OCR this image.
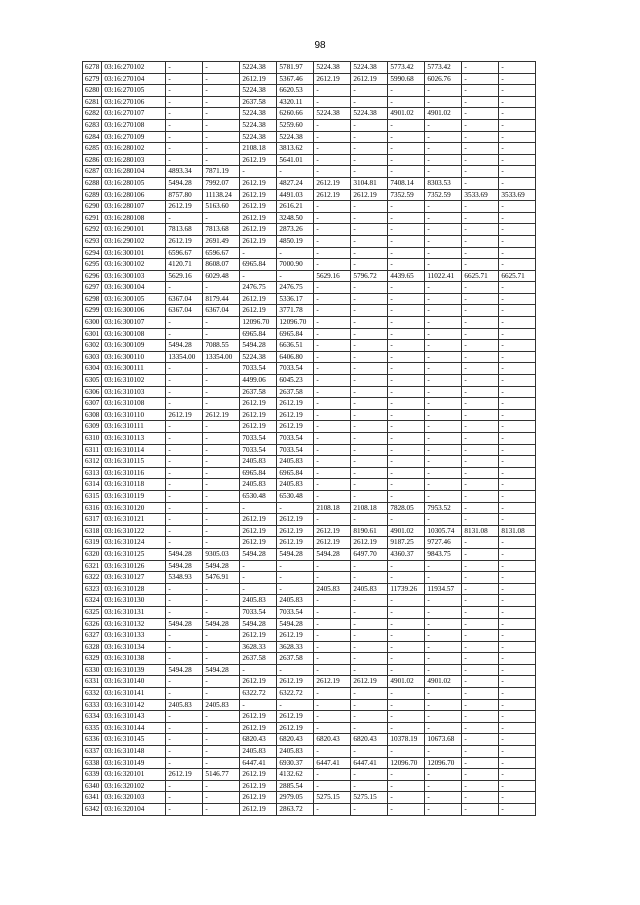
98
6278	03:16:270102	-	-	5224.38	5781.97	5224.38	5224.38	5773.42	5773.42	-	-
6279	03:16:270104	-	-	2612.19	5367.46	2612.19	2612.19	5990.68	6026.76	-	-
6280	03:16:270105	-	-	5224.38	6620.53	-	-	-	-	-	-
6281	03:16:270106	-	-	2637.58	4320.11	-	-	-	-	-	-
6282	03:16:270107	-	-	5224.38	6260.66	5224.38	5224.38	4901.02	4901.02	-	-
6283	03:16:270108	-	-	5224.38	5259.60	-	-	-	-	-	-
6284	03:16:270109	-	-	5224.38	5224.38	-	-	-	-	-	-
6285	03:16:280102	-	-	2108.18	3813.62	-	-	-	-	-	-
6286	03:16:280103	-	-	2612.19	5641.01	-	-	-	-	-	-
6287	03:16:280104	4893.34	7871.19	-	-	-	-	-	-	-	-
6288	03:16:280105	5494.28	7992.07	2612.19	4827.24	2612.19	3104.81	7408.14	8303.53	-	-
6289	03:16:280106	8757.80	11138.24	2612.19	4491.03	2612.19	2612.19	7352.59	7352.59	3533.69	3533.69
6290	03:16:280107	2612.19	5163.60	2612.19	2616.21	-	-	-	-	-	-
6291	03:16:280108	-	-	2612.19	3248.50	-	-	-	-	-	-
6292	03:16:290101	7813.68	7813.68	2612.19	2873.26	-	-	-	-	-	-
6293	03:16:290102	2612.19	2691.49	2612.19	4850.19	-	-	-	-	-	-
6294	03:16:300101	6596.67	6596.67	-	-	-	-	-	-	-	-
6295	03:16:300102	4120.71	8608.07	6965.84	7000.90	-	-	-	-	-	-
6296	03:16:300103	5629.16	6029.48	-	-	5629.16	5796.72	4439.65	11022.41	6625.71	6625.71
6297	03:16:300104	-	-	2476.75	2476.75	-	-	-	-	-	-
6298	03:16:300105	6367.04	8179.44	2612.19	5336.17	-	-	-	-	-	-
6299	03:16:300106	6367.04	6367.04	2612.19	3771.78	-	-	-	-	-	-
6300	03:16:300107	-	-	12096.70	12096.70	-	-	-	-	-	-
6301	03:16:300108	-	-	6965.84	6965.84	-	-	-	-	-	-
6302	03:16:300109	5494.28	7088.55	5494.28	6636.51	-	-	-	-	-	-
6303	03:16:300110	13354.00	13354.00	5224.38	6406.80	-	-	-	-	-	-
6304	03:16:300111	-	-	7033.54	7033.54	-	-	-	-	-	-
6305	03:16:310102	-	-	4499.06	6045.23	-	-	-	-	-	-
6306	03:16:310103	-	-	2637.58	2637.58	-	-	-	-	-	-
6307	03:16:310108	-	-	2612.19	2612.19	-	-	-	-	-	-
6308	03:16:310110	2612.19	2612.19	2612.19	2612.19	-	-	-	-	-	-
6309	03:16:310111	-	-	2612.19	2612.19	-	-	-	-	-	-
6310	03:16:310113	-	-	7033.54	7033.54	-	-	-	-	-	-
6311	03:16:310114	-	-	7033.54	7033.54	-	-	-	-	-	-
6312	03:16:310115	-	-	2405.83	2405.83	-	-	-	-	-	-
6313	03:16:310116	-	-	6965.84	6965.84	-	-	-	-	-	-
6314	03:16:310118	-	-	2405.83	2405.83	-	-	-	-	-	-
6315	03:16:310119	-	-	6530.48	6530.48	-	-	-	-	-	-
6316	03:16:310120	-	-	-	-	2108.18	2108.18	7828.05	7953.52	-	-
6317	03:16:310121	-	-	2612.19	2612.19	-	-	-	-	-	-
6318	03:16:310122	-	-	2612.19	2612.19	2612.19	8190.61	4901.02	10305.74	8131.08	8131.08
6319	03:16:310124	-	-	2612.19	2612.19	2612.19	2612.19	9187.25	9727.46	-	-
6320	03:16:310125	5494.28	9305.03	5494.28	5494.28	5494.28	6497.70	4360.37	9843.75	-	-
6321	03:16:310126	5494.28	5494.28	-	-	-	-	-	-	-	-
6322	03:16:310127	5348.93	5476.91	-	-	-	-	-	-	-	-
6323	03:16:310128	-	-	-	-	2405.83	2405.83	11739.26	11934.57	-	-
6324	03:16:310130	-	-	2405.83	2405.83	-	-	-	-	-	-
6325	03:16:310131	-	-	7033.54	7033.54	-	-	-	-	-	-
6326	03:16:310132	5494.28	5494.28	5494.28	5494.28	-	-	-	-	-	-
6327	03:16:310133	-	-	2612.19	2612.19	-	-	-	-	-	-
6328	03:16:310134	-	-	3628.33	3628.33	-	-	-	-	-	-
6329	03:16:310138	-	-	2637.58	2637.58	-	-	-	-	-	-
6330	03:16:310139	5494.28	5494.28	-	-	-	-	-	-	-	-
6331	03:16:310140	-	-	2612.19	2612.19	2612.19	2612.19	4901.02	4901.02	-	-
6332	03:16:310141	-	-	6322.72	6322.72	-	-	-	-	-	-
6333	03:16:310142	2405.83	2405.83	-	-	-	-	-	-	-	-
6334	03:16:310143	-	-	2612.19	2612.19	-	-	-	-	-	-
6335	03:16:310144	-	-	2612.19	2612.19	-	-	-	-	-	-
6336	03:16:310145	-	-	6820.43	6820.43	6820.43	6820.43	10378.19	10673.68	-	-
6337	03:16:310148	-	-	2405.83	2405.83	-	-	-	-	-	-
6338	03:16:310149	-	-	6447.41	6930.37	6447.41	6447.41	12096.70	12096.70	-	-
6339	03:16:320101	2612.19	5146.77	2612.19	4132.62	-	-	-	-	-	-
6340	03:16:320102	-	-	2612.19	2885.54	-	-	-	-	-	-
6341	03:16:320103	-	-	2612.19	2979.05	5275.15	5275.15	-	-	-	-
6342	03:16:320104	-	-	2612.19	2863.72	-	-	-	-	-	-
